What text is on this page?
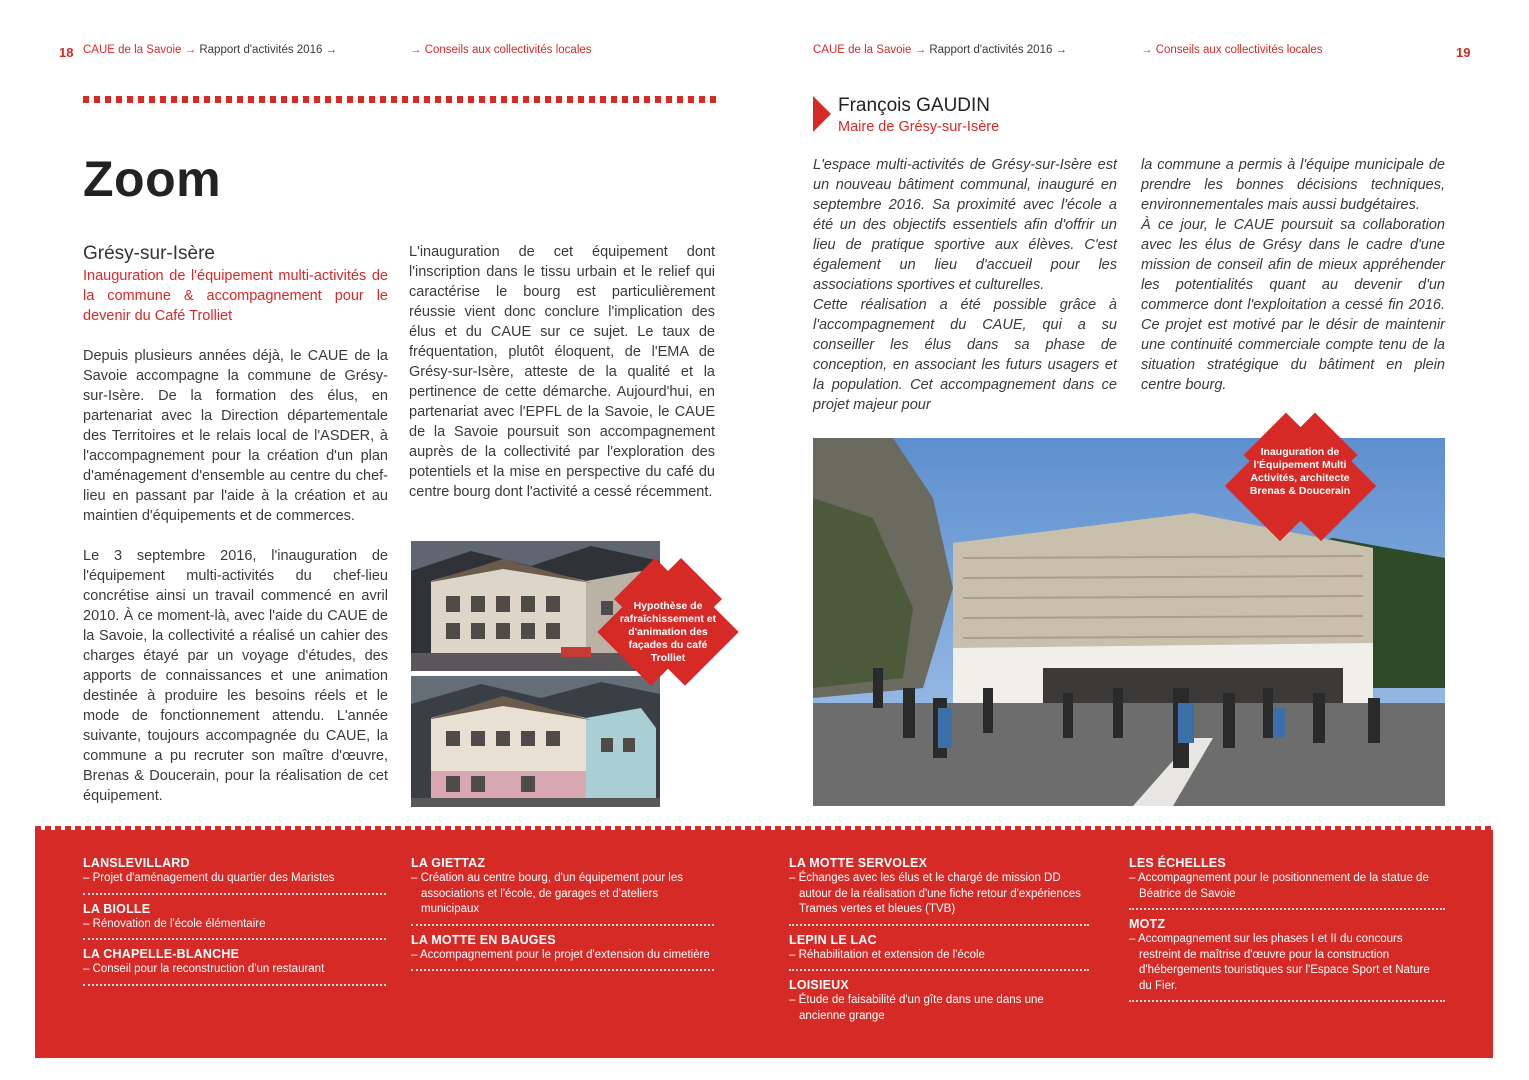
18 CAUE de la Savoie → Rapport d'activités 2016 →	→ Conseils aux collectivités locales	CAUE de la Savoie → Rapport d'activités 2016 →	→ Conseils aux collectivités locales	19
Zoom
Grésy-sur-Isère
Inauguration de l'équipement multi-activités de la commune & accompagnement pour le devenir du Café Trolliet

Depuis plusieurs années déjà, le CAUE de la Savoie accompagne la commune de Grésy-sur-Isère. De la formation des élus, en partenariat avec la Direction départementale des Territoires et le relais local de l'ASDER, à l'accompagnement pour la création d'un plan d'aménagement d'ensemble au centre du chef-lieu en passant par l'aide à la création et au maintien d'équipements et de commerces.

Le 3 septembre 2016, l'inauguration de l'équipement multi-activités du chef-lieu concrétise ainsi un travail commencé en avril 2010. À ce moment-là, avec l'aide du CAUE de la Savoie, la collectivité a réalisé un cahier des charges étayé par un voyage d'études, des apports de connaissances et une animation destinée à produire les besoins réels et le mode de fonctionnement attendu. L'année suivante, toujours accompagnée du CAUE, la commune a pu recruter son maître d'œuvre, Brenas & Doucerain, pour la réalisation de cet équipement.

L'inauguration de cet équipement dont l'inscription dans le tissu urbain et le relief qui caractérise le bourg est particulièrement réussie vient donc conclure l'implication des élus et du CAUE sur ce sujet. Le taux de fréquentation, plutôt éloquent, de l'EMA de Grésy-sur-Isère, atteste de la qualité et la pertinence de cette démarche. Aujourd'hui, en partenariat avec l'EPFL de la Savoie, le CAUE de la Savoie poursuit son accompagnement auprès de la collectivité par l'exploration des potentiels et la mise en perspective du café du centre bourg dont l'activité a cessé récemment.

Hypothèse de rafraîchissement et d'animation des façades du café Trolliet
François GAUDIN
Maire de Grésy-sur-Isère

L'espace multi-activités de Grésy-sur-Isère est un nouveau bâtiment communal, inauguré en septembre 2016. Sa proximité avec l'école a été un des objectifs essentiels afin d'offrir un lieu de pratique sportive aux élèves. C'est également un lieu d'accueil pour les associations sportives et culturelles.

Cette réalisation a été possible grâce à l'accompagnement du CAUE, qui a su conseiller les élus dans sa phase de conception, en associant les futurs usagers et la population. Cet accompagnement dans ce projet majeur pour

la commune a permis à l'équipe municipale de prendre les bonnes décisions techniques, environnementales mais aussi budgétaires.

À ce jour, le CAUE poursuit sa collaboration avec les élus de Grésy dans le cadre d'une mission de conseil afin de mieux appréhender les potentialités quant au devenir d'un commerce dont l'exploitation a cessé fin 2016. Ce projet est motivé par le désir de maintenir une continuité commerciale compte tenu de la situation stratégique du bâtiment en plein centre bourg.

Inauguration de l'Équipement Multi Activités, architecte Brenas & Doucerain
LANSLEVILLARD
– Projet d'aménagement du quartier des Maristes
LA BIOLLE
– Rénovation de l'école élémentaire
LA CHAPELLE-BLANCHE
– Conseil pour la reconstruction d'un restaurant
LA GIETTAZ
– Création au centre bourg, d'un équipement pour les associations et l'école, de garages et d'ateliers municipaux
LA MOTTE EN BAUGES
– Accompagnement pour le projet d'extension du cimetière
LA MOTTE SERVOLEX
– Échanges avec les élus et le chargé de mission DD autour de la réalisation d'une fiche retour d'expériences Trames vertes et bleues (TVB)
LEPIN LE LAC
– Réhabilitation et extension de l'école
LOISIEUX
– Étude de faisabilité d'un gîte dans une dans une ancienne grange
LES ÉCHELLES
– Accompagnement pour le positionnement de la statue de Béatrice de Savoie
MOTZ
– Accompagnement sur les phases I et II du concours restreint de maîtrise d'œuvre pour la construction d'hébergements touristiques sur l'Espace Sport et Nature du Fier.
